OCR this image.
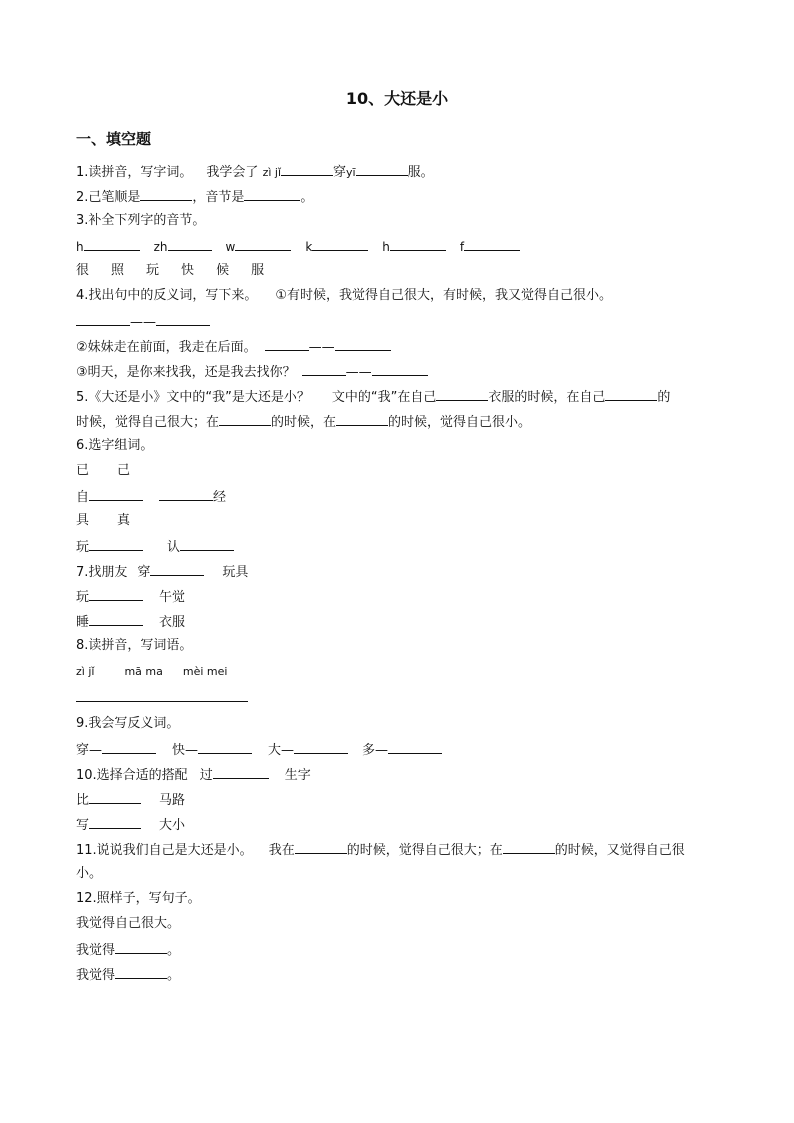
10、大还是小
一、填空题
1.读拼音，写字词。 我学会了 zì jǐ	穿yī	服。
2.己笔顺是	，音节是	。
3.补全下列字的音节。
h	zh	w	k	h	f
很 照 玩 快 候 服
4.找出句中的反义词，写下来。 ①有时候，我觉得自己很大，有时候，我又觉得自己很小。
——
②妹妹走在前面，我走在后面。	——
③明天，是你来找我，还是我去找你？	——
5.《大还是小》文中的“我”是大还是小？ 文中的“我”在自己	衣服的时候，在自己	的
时候，觉得自己很大；在	的时候，在	的时候，觉得自己很小。
6.选字组词。
已 己
自	经
具 真
玩	认
7.找朋友 穿	玩具
玩	午觉
睡	衣服
8.读拼音，写词语。
zì jǐ	mā ma mèi mei
9.我会写反义词。
穿—	快—	大—	多—
10.选择合适的搭配 过	生字
比	马路
写	大小
11.说说我们自己是大还是小。 我在	的时候，觉得自己很大；在	的时候，又觉得自己很
小。
12.照样子，写句子。
我觉得自己很大。
我觉得	。
我觉得	。
